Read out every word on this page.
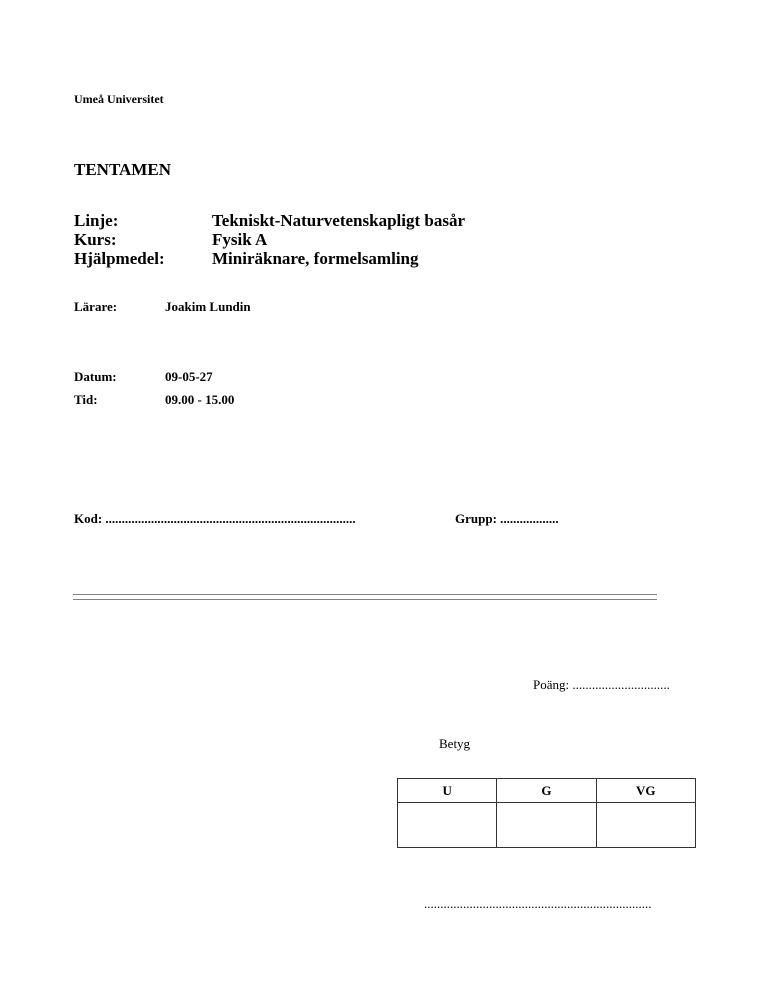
Umeå Universitet
TENTAMEN
Linje:	Tekniskt-Naturvetenskapligt basår
Kurs:	Fysik A
Hjälpmedel:	Miniräknare, formelsamling
Lärare:	Joakim Lundin
Datum:	09-05-27
Tid:	09.00 - 15.00
Kod: .............................................................................	Grupp: ..................
Poäng: ..............................
Betyg
U	G	VG

......................................................................
